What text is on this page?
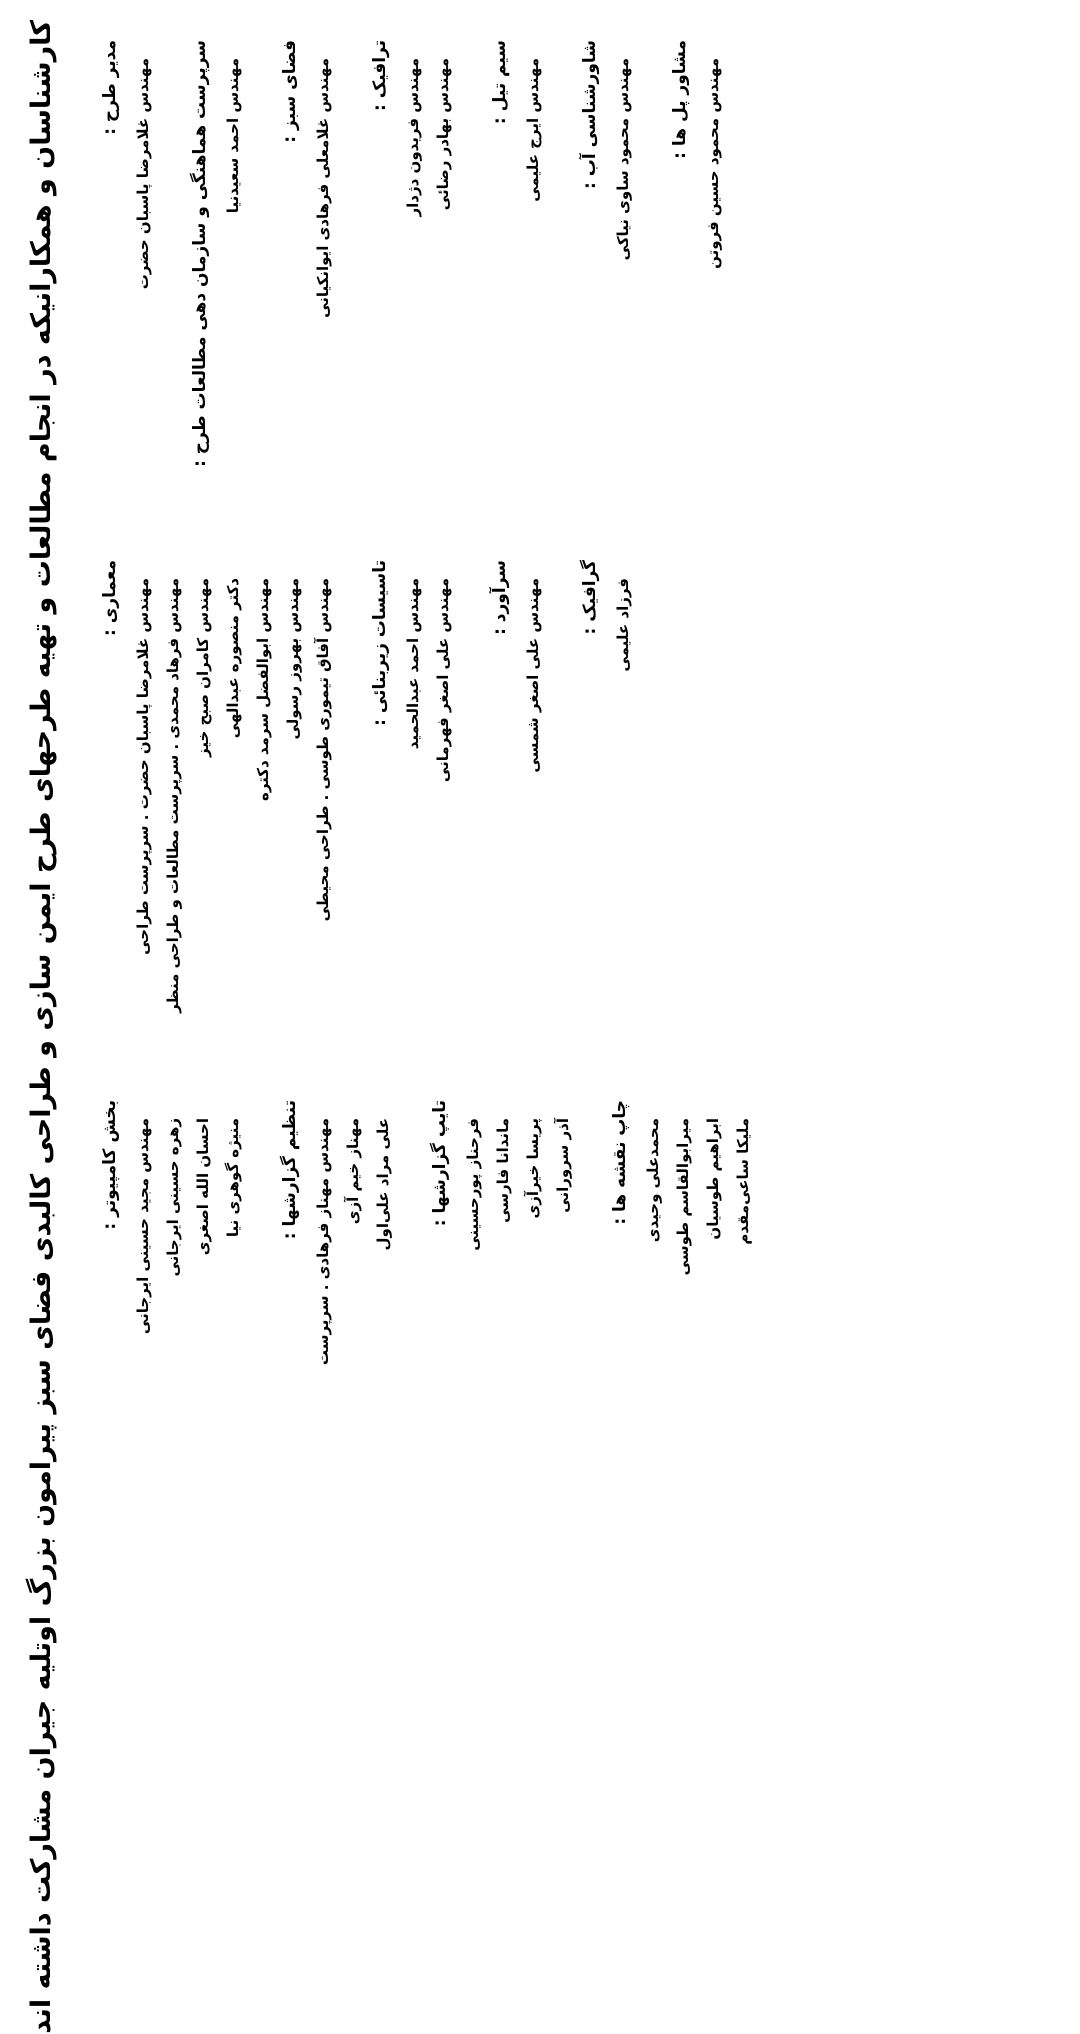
کارشناسان و همکارانیکه در انجام مطالعات و تهیه طرحهای طرح ایمن سازی و طراحی کالبدی فضای سبز پیرامون بزرگ اوتلیه جیران مشارکت داشته اند	مدیر طرح : مهندس غلامرضا پاسبان حضرت سرپرست هماهنگی و سازمان دهی مطالعات طرح : مهندس احمد سعیدنیا فضای سبز : مهندس غلامعلی فرهادی ایوانکیانی ترافیک : مهندس فریدون دژدار مهندس بهادر رضائی سیم تیل : مهندس ایرج علیمی شاورشناسی آب : مهندس محمود ساوی نیاکی مشاور پل ها : مهندس محمود حسین فروتن
معماری : مهندس غلامرضا پاسبان حضرت . سرپرست طراحی مهندس فرهاد محمدی . سرپرست مطالعات و طراحی منظر مهندس کامران صبح خیز دکتر منصوره عبدالهی مهندس ابوالفضل سرمد دکتره مهندس بهروز رسولی مهندس آفاق تیموری طوسی . طراحی محیطی تاسیسات زیربنائی : مهندس احمد عبدالحمید مهندس علی اصغر فهرمانی سرآورد : مهندس علی اصغر شمسی گرافیک : فرزاد علیمی
بخش کامپیوتر : مهندس مجید حسینی ایرجانی زهره حسینی ایرجانی احسان الله اصغری منیژه گوهری نیا تنظیم گزارشها : مهندس مهناز فرهادی . سرپرست مهناز خیم آزی علی مراد علی‌اول تایپ گزارشها : فرحناز پورحسینی ماندانا فارسی پریسا خیرآزی آذر سرورانی چاپ نقشه ها : محمدعلی وحیدی میرابوالقاسم طوسی ابراهیم طوسیان ملیکا ساعی‌مقدم
